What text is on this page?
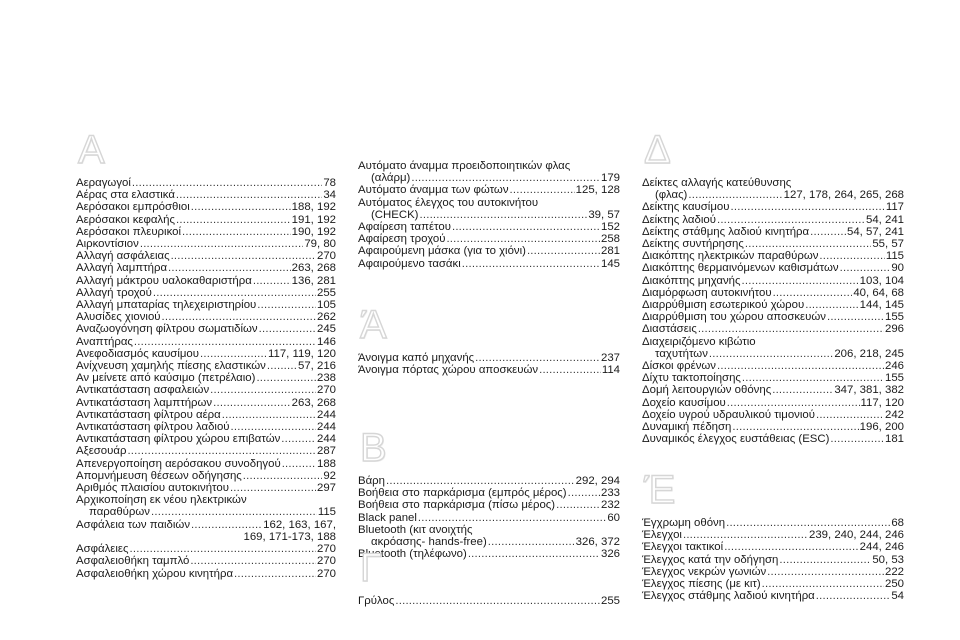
Α
Αεραγωγοί .....	78
Αέρας στα ελαστικά .....	34
Αερόσακοι εμπρόσθιοι .....	188, 192
Αερόσακοι κεφαλής .....	191, 192
Αερόσακοι πλευρικοί .....	190, 192
Αιρκοντίσιον .....	79, 80
Αλλαγή ασφάλειας .....	270
Αλλαγή λαμπτήρα .....	263, 268
Αλλαγή μάκτρου υαλοκαθαριστήρα .....	136, 281
Αλλαγή τροχού .....	255
Αλλαγή μπαταρίας τηλεχειριστηρίου .....	105
Αλυσίδες χιονιού .....	262
Αναζωογόνηση φίλτρου σωματιδίων .....	245
Αναπτήρας .....	146
Ανεφοδιασμός καυσίμου .....	117, 119, 120
Ανίχνευση χαμηλής πίεσης ελαστικών .....	57, 216
Αν μείνετε από καύσιμο (πετρέλαιο) .....	238
Αντικατάσταση ασφαλειών .....	270
Αντικατάσταση λαμπτήρων .....	263, 268
Αντικατάσταση φίλτρου αέρα .....	244
Αντικατάσταση φίλτρου λαδιού .....	244
Αντικατάσταση φίλτρου χώρου επιβατών .....	244
Αξεσουάρ .....	287
Απενεργοποίηση αερόσακου συνοδηγού .....	188
Απομνήμευση θέσεων οδήγησης .....	92
Αριθμός πλαισίου αυτοκινήτου .....	297
Αρχικοποίηση εκ νέου ηλεκτρικών
παραθύρων .....	115
Ασφάλεια των παιδιών .....	162, 163, 167,
169, 171-173, 188
Ασφάλειες .....	270
Ασφαλειοθήκη ταμπλό .....	270
Ασφαλειοθήκη χώρου κινητήρα .....	270
Αυτόματο άναμμα προειδοποιητικών φλας
(αλάρμ) .....	179
Αυτόματο άναμμα των φώτων .....	125, 128
Αυτόματος έλεγχος του αυτοκινήτου
(CHECK) .....	39, 57
Αφαίρεση ταπέτου .....	152
Αφαίρεση τροχού .....	258
Αφαιρούμενη μάσκα (για το χιόνι) .....	281
Αφαιρούμενο τασάκι .....	145
Ά
Άνοιγμα καπό μηχανής .....	237
Άνοιγμα πόρτας χώρου αποσκευών .....	114
Β
Βάρη .....	292, 294
Βοήθεια στο παρκάρισμα (εμπρός μέρος) .....	233
Βοήθεια στο παρκάρισμα (πίσω μέρος) .....	232
Black panel .....	60
Bluetooth (κιτ ανοιχτής
ακρόασης- hands-free) .....	326, 372
Bluetooth (τηλέφωνο) .....	326
Γ
Γρύλος .....	255
Δ
Δείκτες αλλαγής κατεύθυνσης
(φλας) .....	127, 178, 264, 265, 268
Δείκτης καυσίμου .....	117
Δείκτης λαδιού .....	54, 241
Δείκτης στάθμης λαδιού κινητήρα .....	54, 57, 241
Δείκτης συντήρησης .....	55, 57
Διακόπτης ηλεκτρικών παραθύρων .....	115
Διακόπτης θερμαινόμενων καθισμάτων .....	90
Διακόπτης μηχανής .....	103, 104
Διαμόρφωση αυτοκινήτου .....	40, 64, 68
Διαρρύθμιση εσωτερικού χώρου .....	144, 145
Διαρρύθμιση του χώρου αποσκευών .....	155
Διαστάσεις .....	296
Διαχειριζόμενο κιβώτιο
ταχυτήτων .....	206, 218, 245
Δίσκοι φρένων .....	246
Δίχτυ τακτοποίησης .....	155
Δομή λειτουργιών οθόνης .....	347, 381, 382
Δοχείο καυσίμου .....	117, 120
Δοχείο υγρού υδραυλικού τιμονιού .....	242
Δυναμική πέδηση .....	196, 200
Δυναμικός έλεγχος ευστάθειας (ESC) .....	181
Έ
Έγχρωμη οθόνη .....	68
Έλεγχοι .....	239, 240, 244, 246
Έλεγχοι τακτικοί .....	244, 246
Έλεγχος κατά την οδήγηση .....	50, 53
Έλεγχος νεκρών γωνιών .....	222
Έλεγχος πίεσης (με κιτ) .....	250
Έλεγχος στάθμης λαδιού κινητήρα .....	54
